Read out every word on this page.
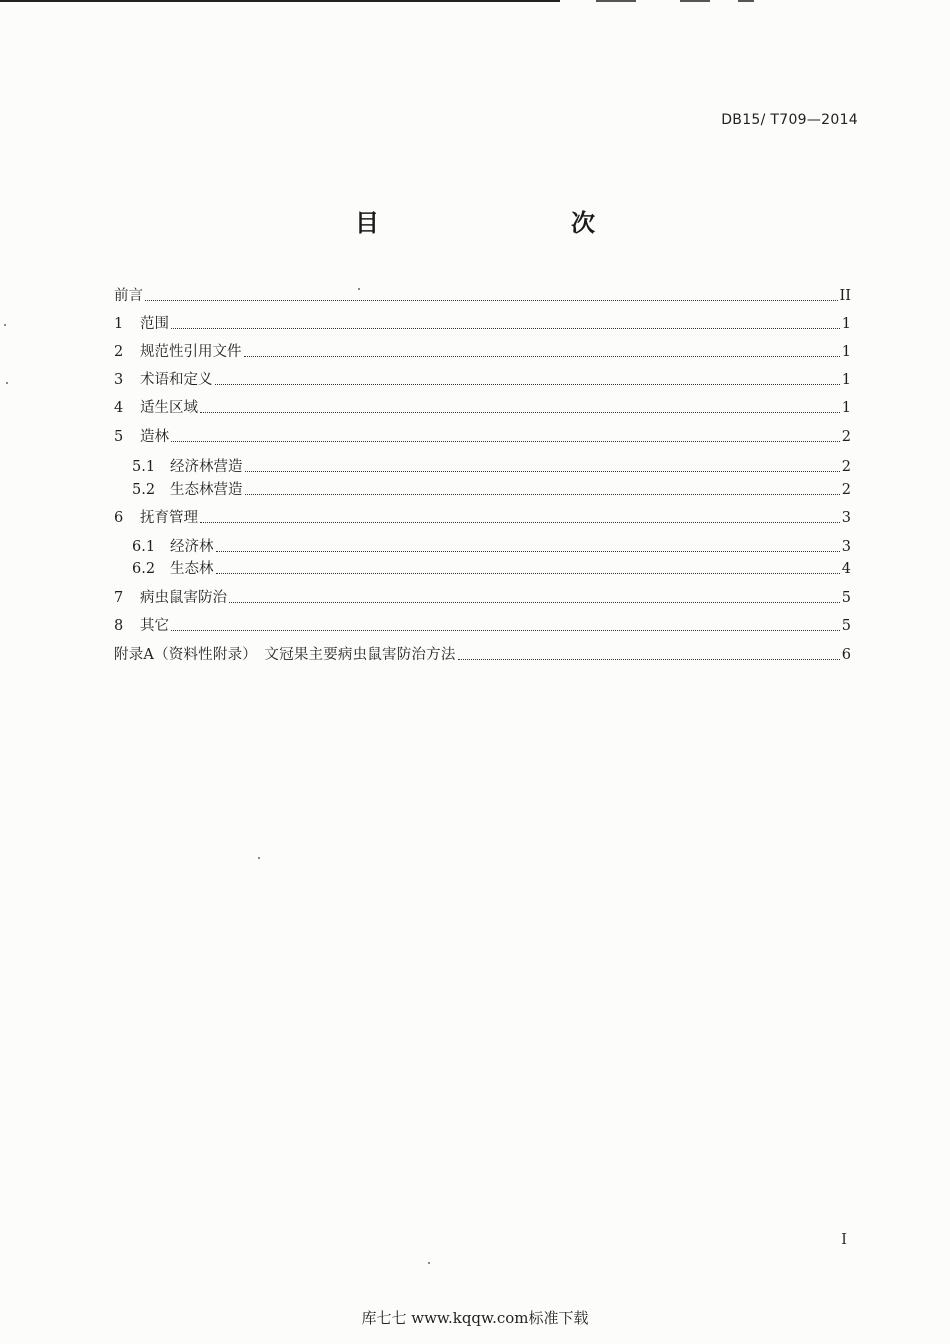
DB15/ T709—2014
目　　次
前言	II
1	范围	1
2	规范性引用文件	1
3	术语和定义	1
4	适生区域	1
5	造林	2
5.1	经济林营造	2
5.2	生态林营造	2
6	抚育管理	3
6.1	经济林	3
6.2	生态林	4
7	病虫鼠害防治	5
8	其它	5
附录A（资料性附录）　文冠果主要病虫鼠害防治方法	6
I
库七七 www.kqqw.com标准下载
